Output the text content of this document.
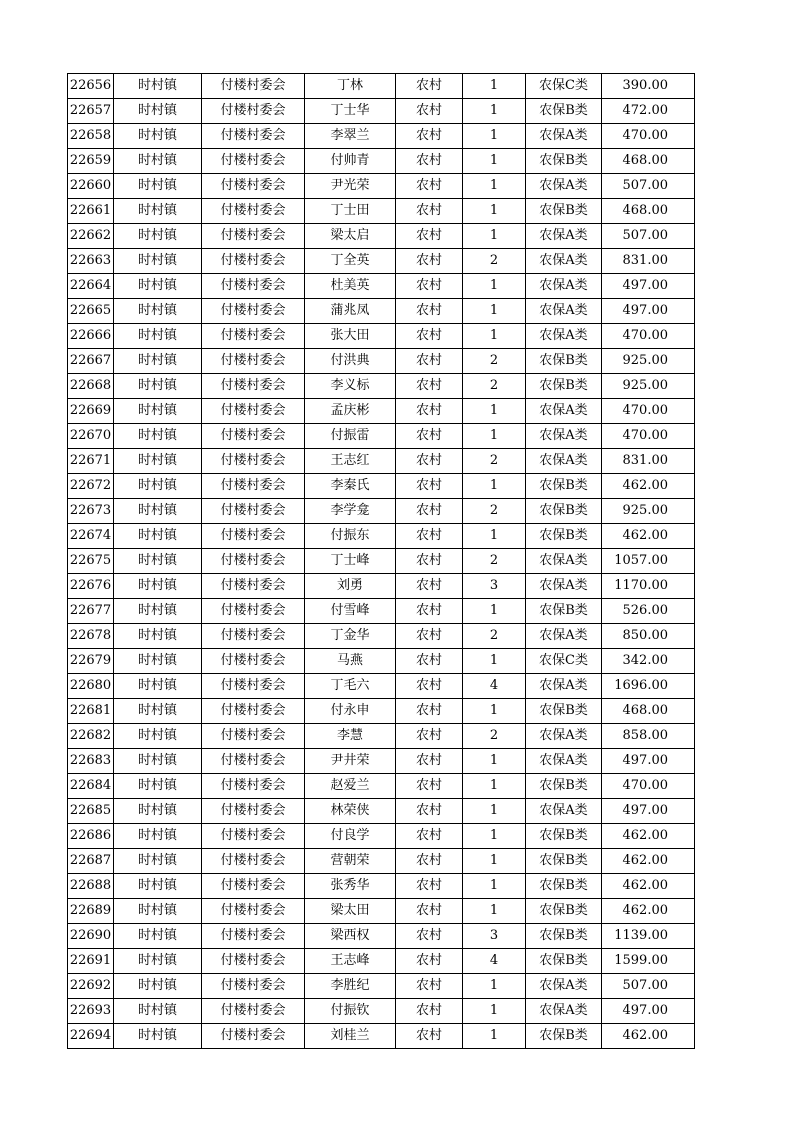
22656	时村镇	付楼村委会	丁林	农村	1	农保C类	390.00
22657	时村镇	付楼村委会	丁士华	农村	1	农保B类	472.00
22658	时村镇	付楼村委会	李翠兰	农村	1	农保A类	470.00
22659	时村镇	付楼村委会	付帅青	农村	1	农保B类	468.00
22660	时村镇	付楼村委会	尹光荣	农村	1	农保A类	507.00
22661	时村镇	付楼村委会	丁士田	农村	1	农保B类	468.00
22662	时村镇	付楼村委会	梁太启	农村	1	农保A类	507.00
22663	时村镇	付楼村委会	丁全英	农村	2	农保A类	831.00
22664	时村镇	付楼村委会	杜美英	农村	1	农保A类	497.00
22665	时村镇	付楼村委会	蒲兆凤	农村	1	农保A类	497.00
22666	时村镇	付楼村委会	张大田	农村	1	农保A类	470.00
22667	时村镇	付楼村委会	付洪典	农村	2	农保B类	925.00
22668	时村镇	付楼村委会	李义标	农村	2	农保B类	925.00
22669	时村镇	付楼村委会	孟庆彬	农村	1	农保A类	470.00
22670	时村镇	付楼村委会	付振雷	农村	1	农保A类	470.00
22671	时村镇	付楼村委会	王志红	农村	2	农保A类	831.00
22672	时村镇	付楼村委会	李秦氏	农村	1	农保B类	462.00
22673	时村镇	付楼村委会	李学龛	农村	2	农保B类	925.00
22674	时村镇	付楼村委会	付振东	农村	1	农保B类	462.00
22675	时村镇	付楼村委会	丁士峰	农村	2	农保A类	1057.00
22676	时村镇	付楼村委会	刘勇	农村	3	农保A类	1170.00
22677	时村镇	付楼村委会	付雪峰	农村	1	农保B类	526.00
22678	时村镇	付楼村委会	丁金华	农村	2	农保A类	850.00
22679	时村镇	付楼村委会	马燕	农村	1	农保C类	342.00
22680	时村镇	付楼村委会	丁毛六	农村	4	农保A类	1696.00
22681	时村镇	付楼村委会	付永申	农村	1	农保B类	468.00
22682	时村镇	付楼村委会	李慧	农村	2	农保A类	858.00
22683	时村镇	付楼村委会	尹井荣	农村	1	农保A类	497.00
22684	时村镇	付楼村委会	赵爱兰	农村	1	农保B类	470.00
22685	时村镇	付楼村委会	林荣侠	农村	1	农保A类	497.00
22686	时村镇	付楼村委会	付良学	农村	1	农保B类	462.00
22687	时村镇	付楼村委会	营朝荣	农村	1	农保B类	462.00
22688	时村镇	付楼村委会	张秀华	农村	1	农保B类	462.00
22689	时村镇	付楼村委会	梁太田	农村	1	农保B类	462.00
22690	时村镇	付楼村委会	梁西权	农村	3	农保B类	1139.00
22691	时村镇	付楼村委会	王志峰	农村	4	农保B类	1599.00
22692	时村镇	付楼村委会	李胜纪	农村	1	农保A类	507.00
22693	时村镇	付楼村委会	付振钦	农村	1	农保A类	497.00
22694	时村镇	付楼村委会	刘桂兰	农村	1	农保B类	462.00
